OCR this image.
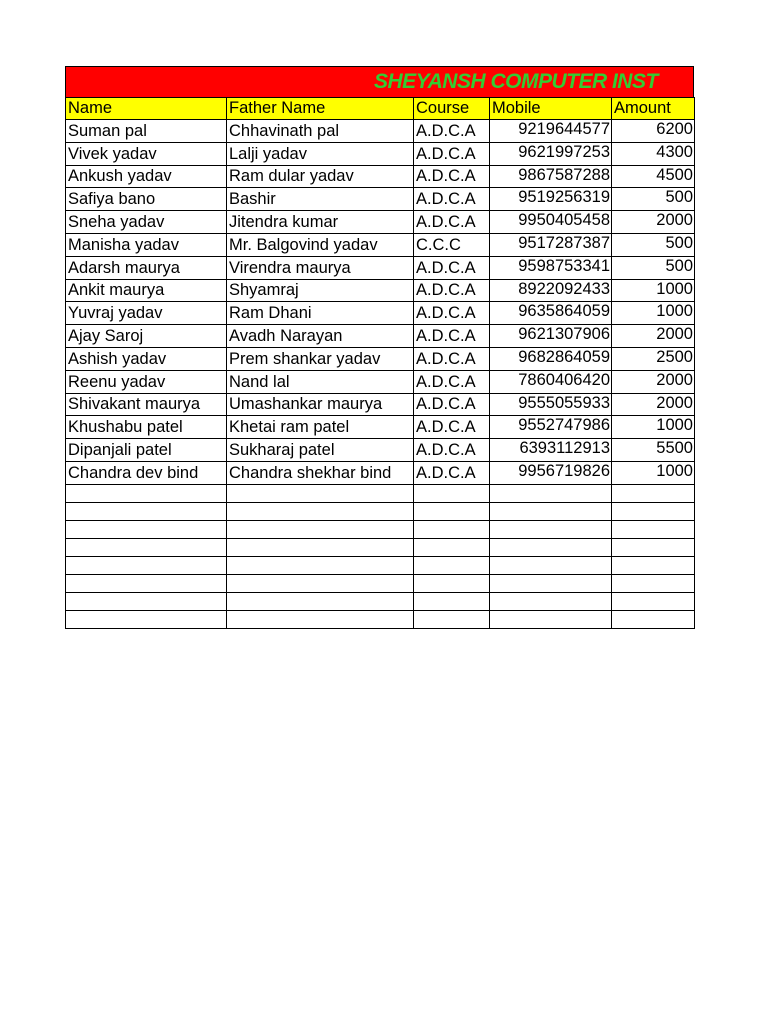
SHEYANSH COMPUTER INST
Name	Father Name	Course	Mobile	Amount
Suman pal	Chhavinath pal	A.D.C.A	9219644577	6200
Vivek yadav	Lalji yadav	A.D.C.A	9621997253	4300
Ankush yadav	Ram dular yadav	A.D.C.A	9867587288	4500
Safiya bano	Bashir	A.D.C.A	9519256319	500
Sneha yadav	Jitendra kumar	A.D.C.A	9950405458	2000
Manisha yadav	Mr. Balgovind yadav	C.C.C	9517287387	500
Adarsh maurya	Virendra maurya	A.D.C.A	9598753341	500
Ankit maurya	Shyamraj	A.D.C.A	8922092433	1000
Yuvraj yadav	Ram Dhani	A.D.C.A	9635864059	1000
Ajay Saroj	Avadh Narayan	A.D.C.A	9621307906	2000
Ashish yadav	Prem shankar yadav	A.D.C.A	9682864059	2500
Reenu yadav	Nand lal	A.D.C.A	7860406420	2000
Shivakant maurya	Umashankar maurya	A.D.C.A	9555055933	2000
Khushabu patel	Khetai ram patel	A.D.C.A	9552747986	1000
Dipanjali patel	Sukharaj patel	A.D.C.A	6393112913	5500
Chandra dev bind	Chandra shekhar bind	A.D.C.A	9956719826	1000
